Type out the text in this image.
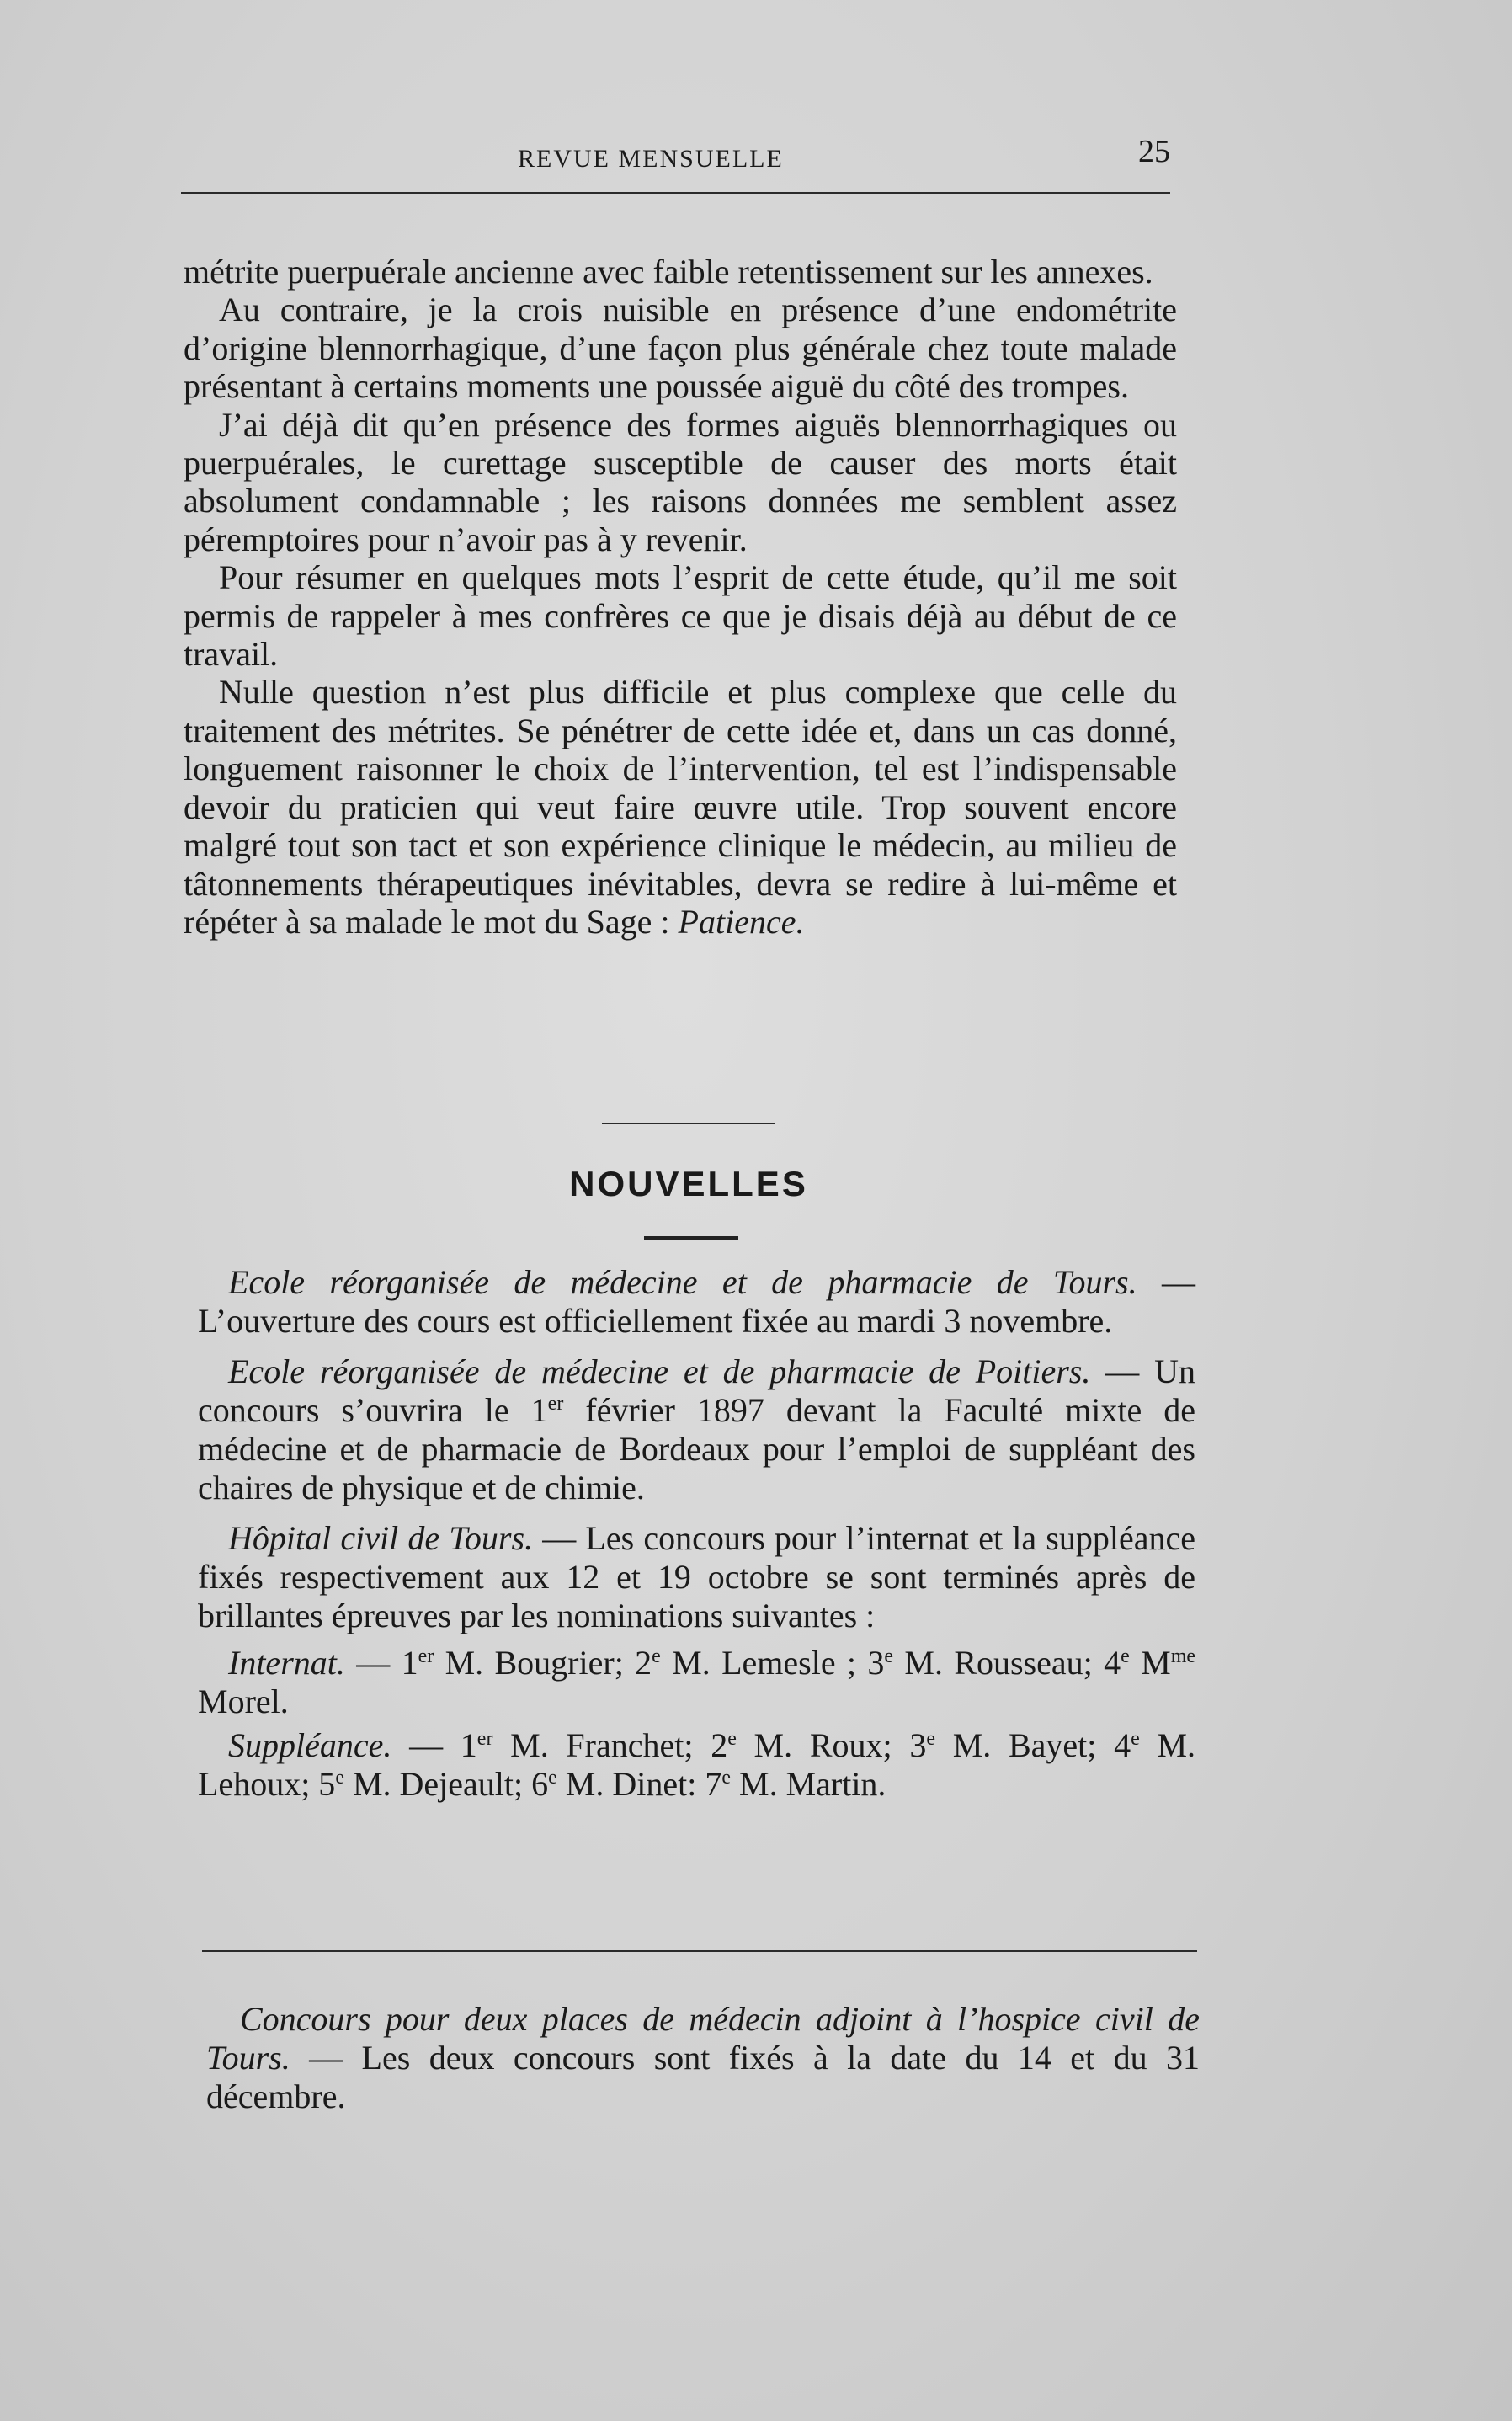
REVUE MENSUELLE	25

métrite puerpuérale ancienne avec faible retentissement sur les annexes.

Au contraire, je la crois nuisible en présence d’une endométrite d’origine blennorrhagique, d’une façon plus générale chez toute malade présentant à certains moments une poussée aiguë du côté des trompes.

J’ai déjà dit qu’en présence des formes aiguës blennorrhagiques ou puerpuérales, le curettage susceptible de causer des morts était absolument condamnable ; les raisons données me semblent assez péremptoires pour n’avoir pas à y revenir.

Pour résumer en quelques mots l’esprit de cette étude, qu’il me soit permis de rappeler à mes confrères ce que je disais déjà au début de ce travail.

Nulle question n’est plus difficile et plus complexe que celle du traitement des métrites. Se pénétrer de cette idée et, dans un cas donné, longuement raisonner le choix de l’intervention, tel est l’indispensable devoir du praticien qui veut faire œuvre utile. Trop souvent encore malgré tout son tact et son expérience clinique le médecin, au milieu de tâtonnements thérapeutiques inévitables, devra se redire à lui-même et répéter à sa malade le mot du Sage : Patience.

NOUVELLES

Ecole réorganisée de médecine et de pharmacie de Tours. — L’ouverture des cours est officiellement fixée au mardi 3 novembre.

Ecole réorganisée de médecine et de pharmacie de Poitiers. — Un concours s’ouvrira le 1er février 1897 devant la Faculté mixte de médecine et de pharmacie de Bordeaux pour l’emploi de suppléant des chaires de physique et de chimie.

Hôpital civil de Tours. — Les concours pour l’internat et la suppléance fixés respectivement aux 12 et 19 octobre se sont terminés après de brillantes épreuves par les nominations suivantes :

Internat. — 1er M. Bougrier; 2e M. Lemesle ; 3e M. Rousseau; 4e $M^{me}$ Morel.

Suppléance. — 1er M. Franchet; 2e M. Roux; 3e M. Bayet; 4e M. Lehoux; 5e M. Dejeault; 6e M. Dinet: 7e M. Martin.

Concours pour deux places de médecin adjoint à l’hospice civil de Tours. — Les deux concours sont fixés à la date du 14 et du 31 décembre.
